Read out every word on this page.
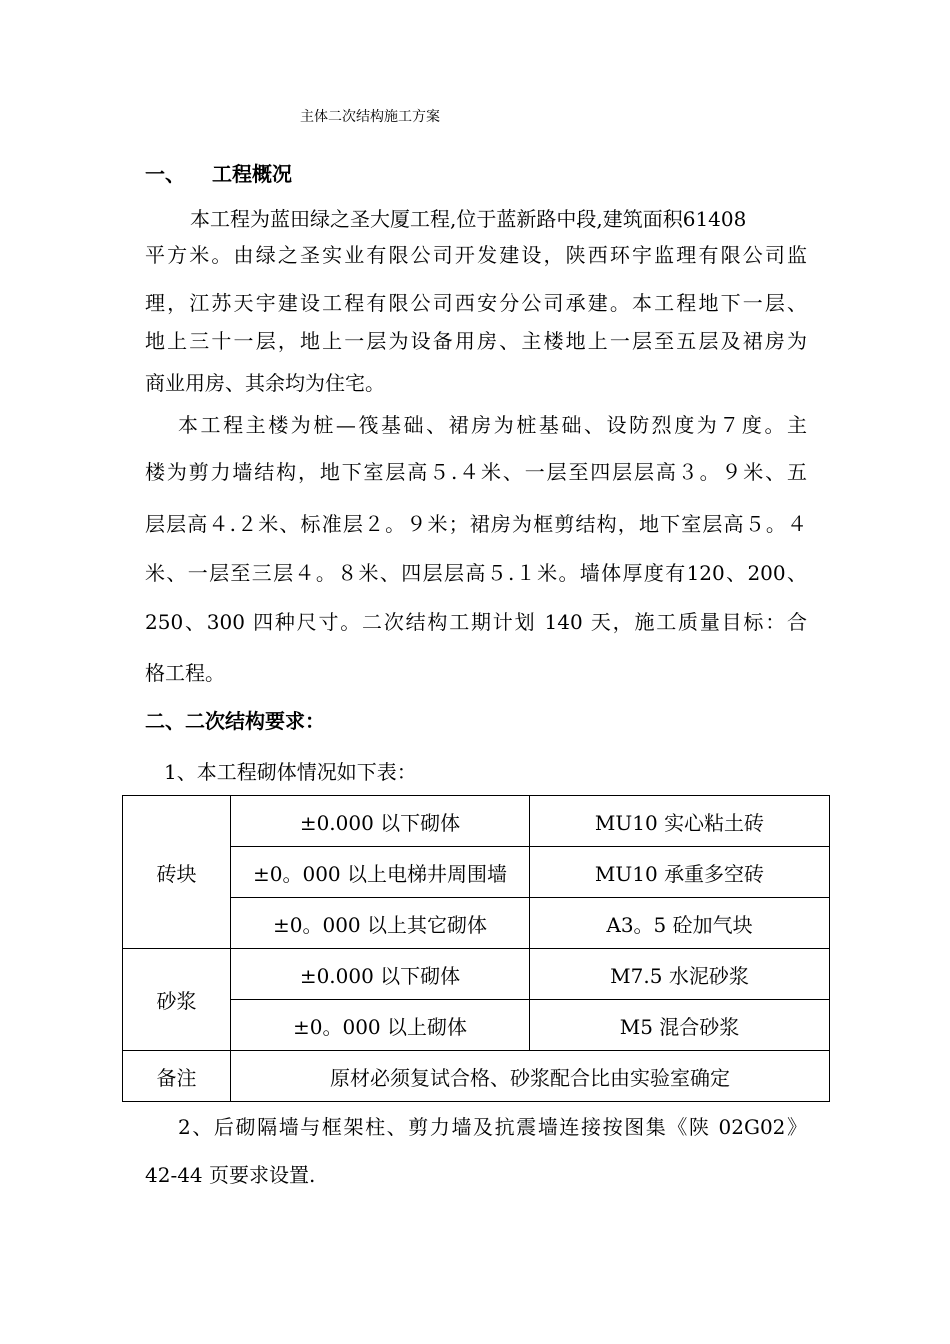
主体二次结构施工方案
一、 工程概况
本工程为蓝田绿之圣大厦工程,位于蓝新路中段,建筑面积61408
平方米。由绿之圣实业有限公司开发建设，陕西环宇监理有限公司监
理，江苏天宇建设工程有限公司西安分公司承建。本工程地下一层、
地上三十一层，地上一层为设备用房、主楼地上一层至五层及裙房为
商业用房、其余均为住宅。
本工程主楼为桩—筏基础、裙房为桩基础、设防烈度为７度。主
楼为剪力墙结构，地下室层高５.４米、一层至四层层高３。９米、五
层层高４.２米、标准层２。９米；裙房为框剪结构，地下室层高５。４
米、一层至三层４。８米、四层层高５.１米。墙体厚度有120、200、
250、300 四种尺寸。二次结构工期计划 140 天，施工质量目标：合
格工程。
二、二次结构要求：
1、本工程砌体情况如下表：
砖块	±0.000 以下砌体	MU10 实心粘土砖
	±0。000 以上电梯井周围墙	MU10 承重多空砖
	±0。000 以上其它砌体	A3。5 砼加气块
砂浆	±0.000 以下砌体	M7.5 水泥砂浆
	±0。000 以上砌体	M5 混合砂浆
备注	原材必须复试合格、砂浆配合比由实验室确定	
2、后砌隔墙与框架柱、剪力墙及抗震墙连接按图集《陕 02G02》
42-44 页要求设置.
